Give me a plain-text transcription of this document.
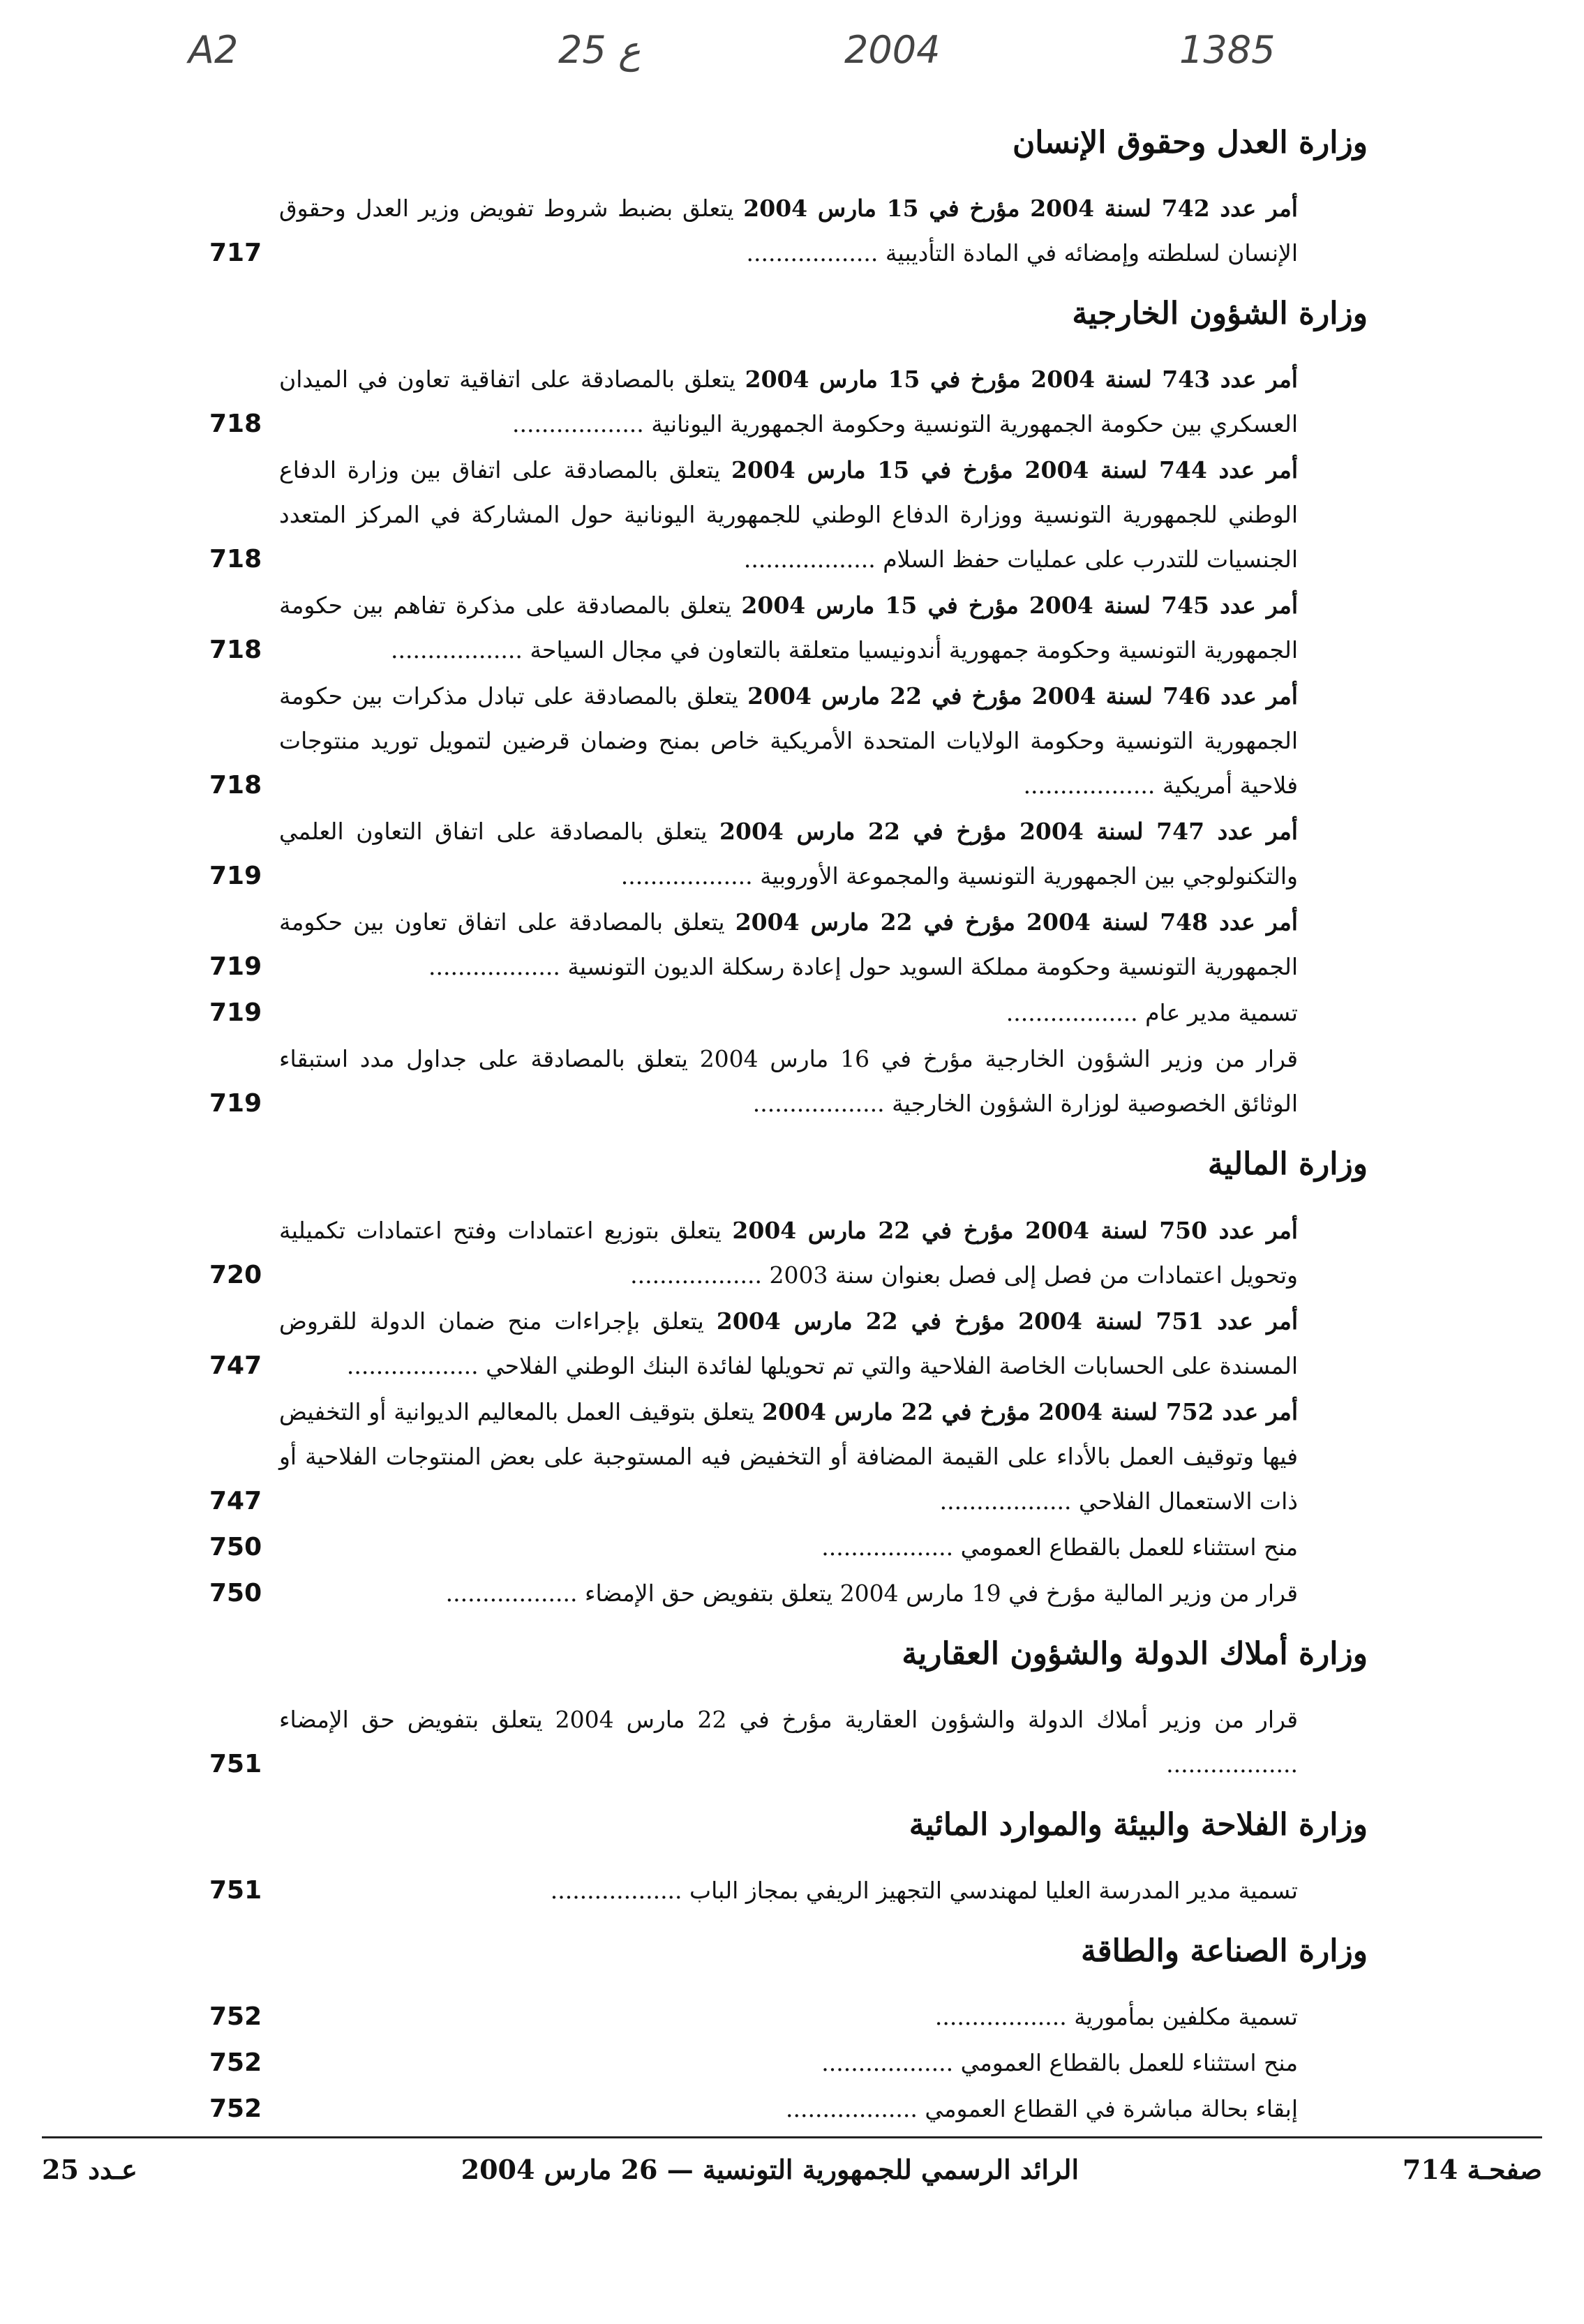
A2	25 ع	2004	1385
وزارة العدل وحقوق الإنسان
أمر عدد 742 لسنة 2004 مؤرخ في 15 مارس 2004 يتعلق بضبط شروط تفويض وزير العدل وحقوق الإنسان لسلطته وإمضائه في المادة التأديبية ..................
717
وزارة الشؤون الخارجية
أمر عدد 743 لسنة 2004 مؤرخ في 15 مارس 2004 يتعلق بالمصادقة على اتفاقية تعاون في الميدان العسكري بين حكومة الجمهورية التونسية وحكومة الجمهورية اليونانية ..................
718
أمر عدد 744 لسنة 2004 مؤرخ في 15 مارس 2004 يتعلق بالمصادقة على اتفاق بين وزارة الدفاع الوطني للجمهورية التونسية ووزارة الدفاع الوطني للجمهورية اليونانية حول المشاركة في المركز المتعدد الجنسيات للتدرب على عمليات حفظ السلام ..................
718
أمر عدد 745 لسنة 2004 مؤرخ في 15 مارس 2004 يتعلق بالمصادقة على مذكرة تفاهم بين حكومة الجمهورية التونسية وحكومة جمهورية أندونيسيا متعلقة بالتعاون في مجال السياحة ..................
718
أمر عدد 746 لسنة 2004 مؤرخ في 22 مارس 2004 يتعلق بالمصادقة على تبادل مذكرات بين حكومة الجمهورية التونسية وحكومة الولايات المتحدة الأمريكية خاص بمنح وضمان قرضين لتمويل توريد منتوجات فلاحية أمريكية ..................
718
أمر عدد 747 لسنة 2004 مؤرخ في 22 مارس 2004 يتعلق بالمصادقة على اتفاق التعاون العلمي والتكنولوجي بين الجمهورية التونسية والمجموعة الأوروبية ..................
719
أمر عدد 748 لسنة 2004 مؤرخ في 22 مارس 2004 يتعلق بالمصادقة على اتفاق تعاون بين حكومة الجمهورية التونسية وحكومة مملكة السويد حول إعادة رسكلة الديون التونسية ..................
719
تسمية مدير عام ..................
719
قرار من وزير الشؤون الخارجية مؤرخ في 16 مارس 2004 يتعلق بالمصادقة على جداول مدد استبقاء الوثائق الخصوصية لوزارة الشؤون الخارجية ..................
719
وزارة المالية
أمر عدد 750 لسنة 2004 مؤرخ في 22 مارس 2004 يتعلق بتوزيع اعتمادات وفتح اعتمادات تكميلية وتحويل اعتمادات من فصل إلى فصل بعنوان سنة 2003 ..................
720
أمر عدد 751 لسنة 2004 مؤرخ في 22 مارس 2004 يتعلق بإجراءات منح ضمان الدولة للقروض المسندة على الحسابات الخاصة الفلاحية والتي تم تحويلها لفائدة البنك الوطني الفلاحي ..................
747
أمر عدد 752 لسنة 2004 مؤرخ في 22 مارس 2004 يتعلق بتوقيف العمل بالمعاليم الديوانية أو التخفيض فيها وتوقيف العمل بالأداء على القيمة المضافة أو التخفيض فيه المستوجبة على بعض المنتوجات الفلاحية أو ذات الاستعمال الفلاحي ..................
747
منح استثناء للعمل بالقطاع العمومي ..................
750
قرار من وزير المالية مؤرخ في 19 مارس 2004 يتعلق بتفويض حق الإمضاء ..................
750
وزارة أملاك الدولة والشؤون العقارية
قرار من وزير أملاك الدولة والشؤون العقارية مؤرخ في 22 مارس 2004 يتعلق بتفويض حق الإمضاء ..................
751
وزارة الفلاحة والبيئة والموارد المائية
تسمية مدير المدرسة العليا لمهندسي التجهيز الريفي بمجاز الباب ..................
751
وزارة الصناعة والطاقة
تسمية مكلفين بمأمورية ..................
752
منح استثناء للعمل بالقطاع العمومي ..................
752
إبقاء بحالة مباشرة في القطاع العمومي ..................
752
صفحـة 714
الرائد الرسمي للجمهورية التونسية — 26 مارس 2004
عـدد 25
